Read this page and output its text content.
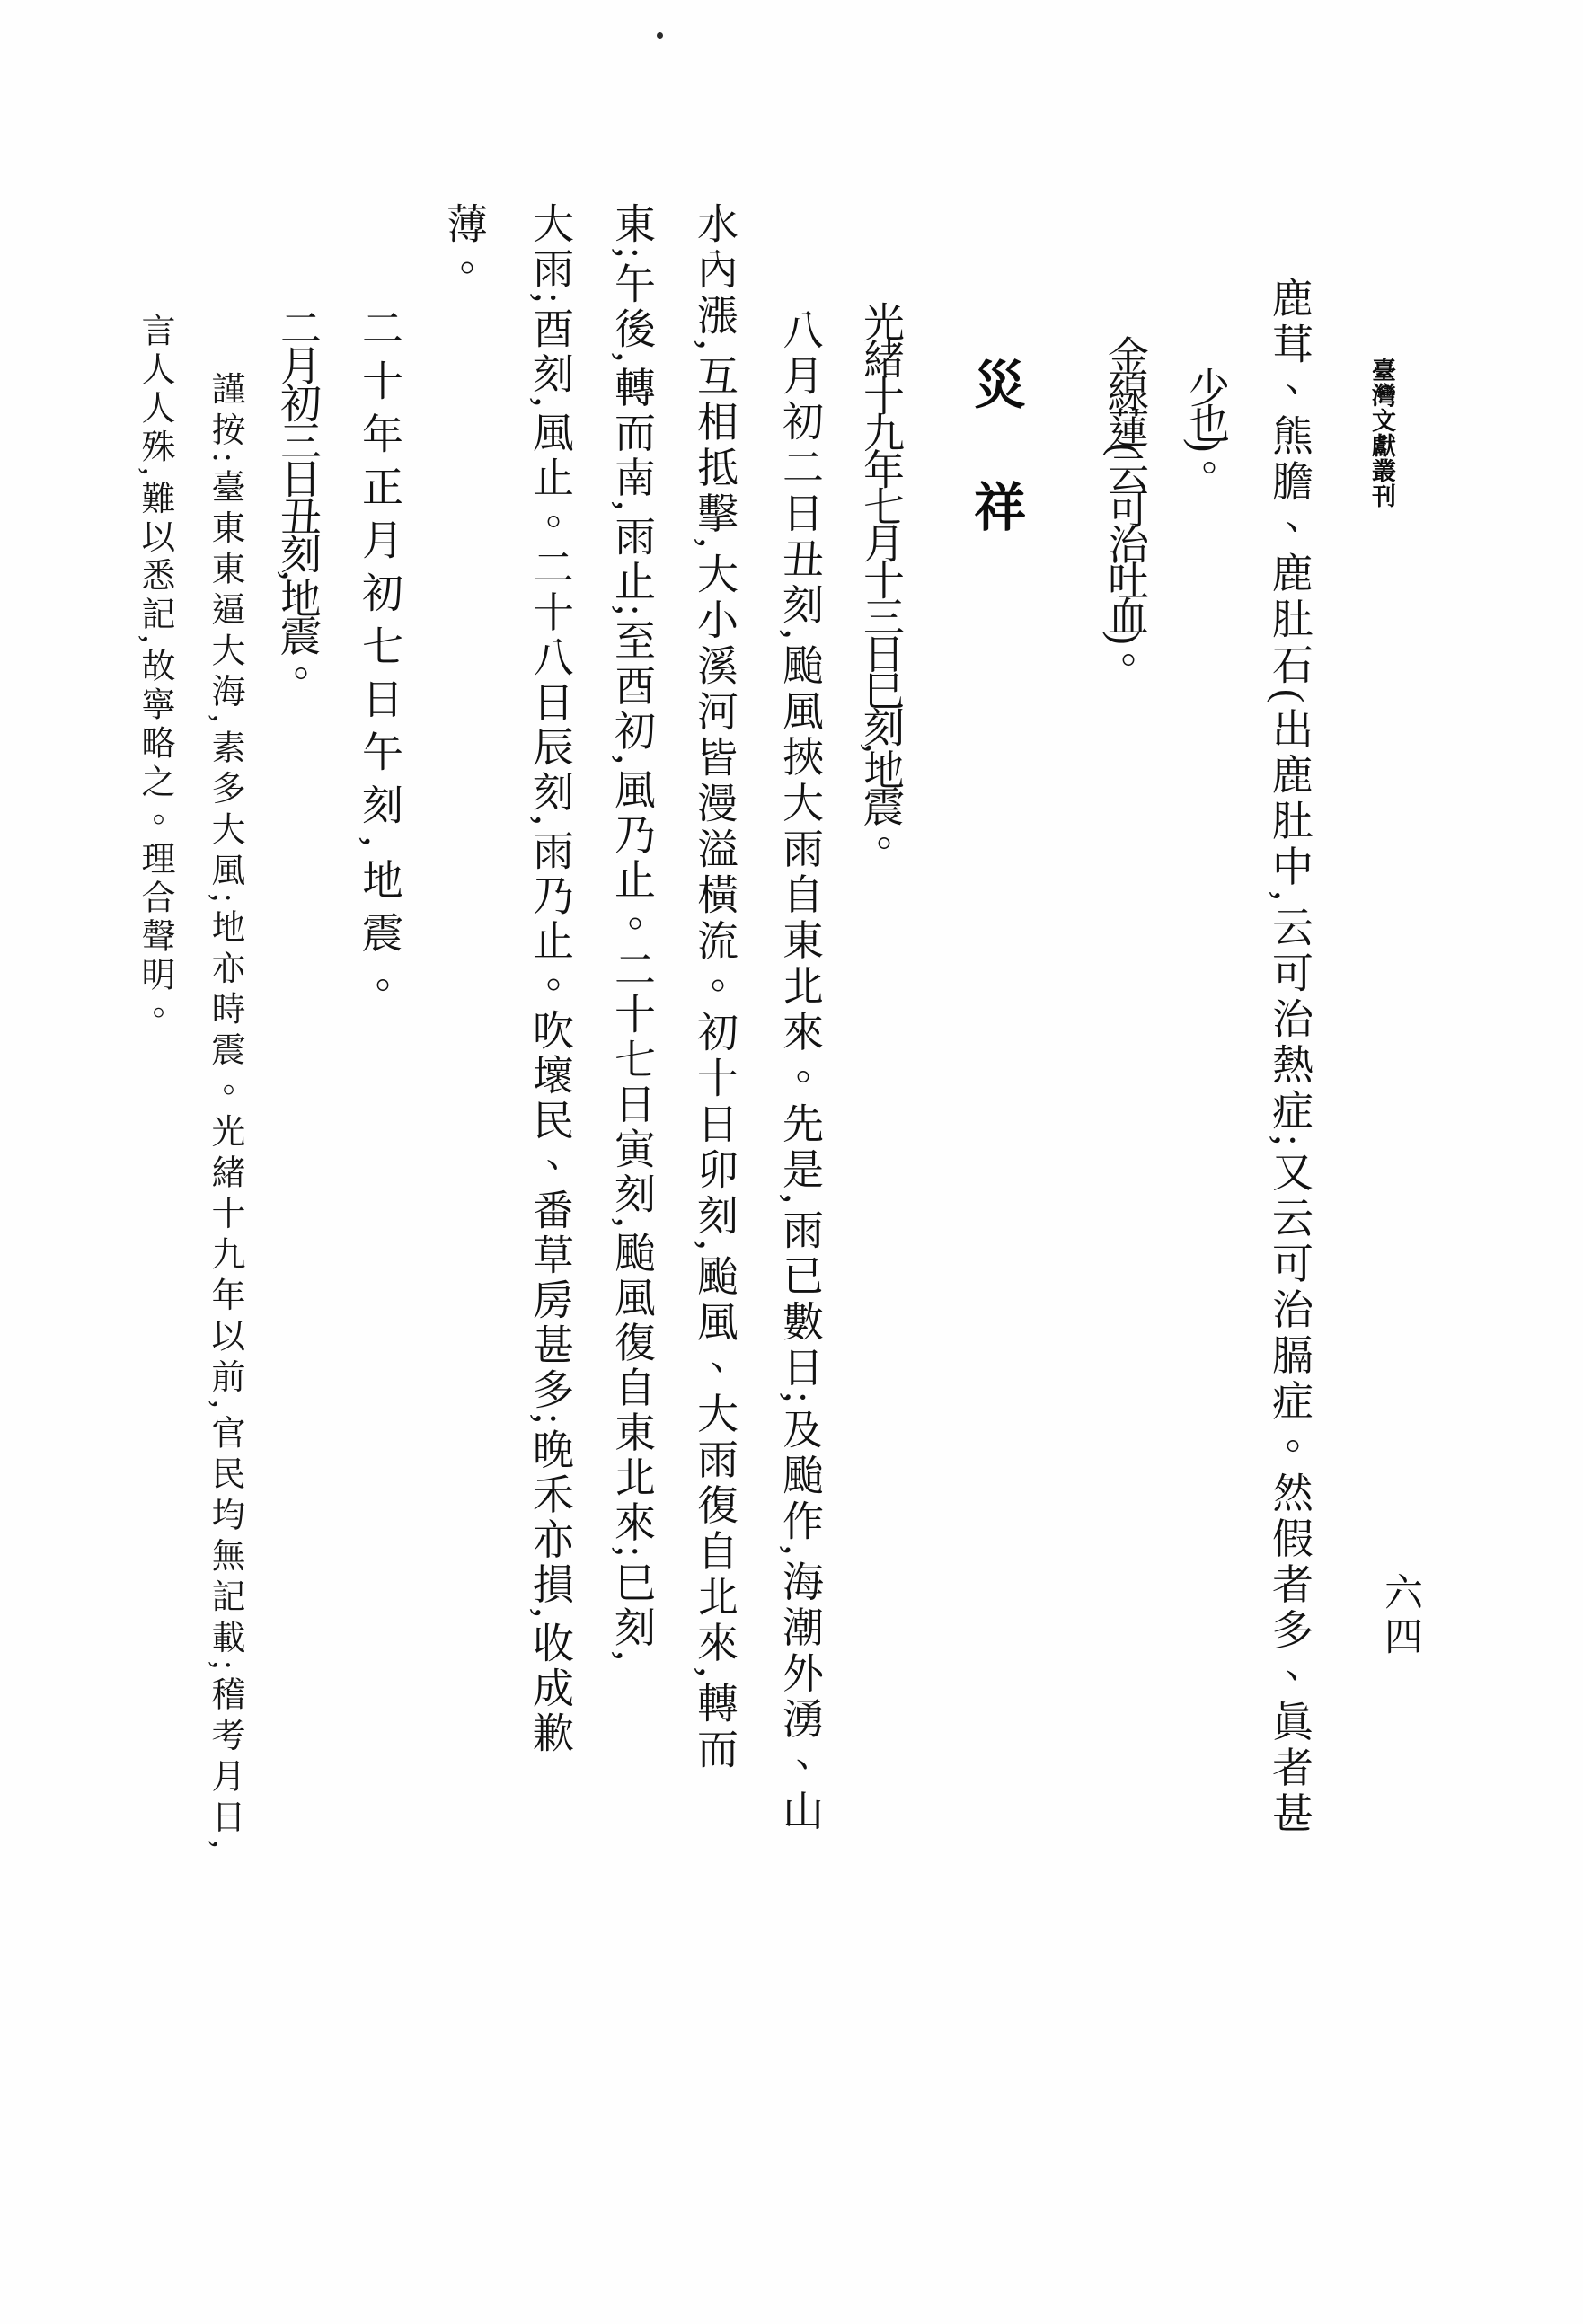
臺灣文獻叢刊
六四
鹿茸、熊膽、鹿肚石(出鹿肚中,云可治熱症;又云可治膈症。然假者多、眞者甚
少也)。
金線蓮(云可治吐血)。
災　祥
光緒十九年七月十三日巳刻,地震。
八月初二日丑刻,颱風挾大雨自東北來。先是,雨已數日;及颱作,海潮外湧、山
水內漲,互相抵擊,大小溪河皆漫溢橫流。初十日卯刻,颱風、大雨復自北來,轉而
東;午後,轉而南,雨止;至酉初,風乃止。二十七日寅刻,颱風復自東北來;巳刻,
大雨;酉刻,風止。二十八日辰刻,雨乃止。吹壞民、番草房甚多;晚禾亦損,收成歉
薄。
二十年正月初七日午刻,地震。
二月初三日丑刻,地震。
謹按:臺東東逼大海,素多大風;地亦時震。光緒十九年以前,官民均無記載;稽考月日,
言人人殊,難以悉記,故寧略之。理合聲明。
